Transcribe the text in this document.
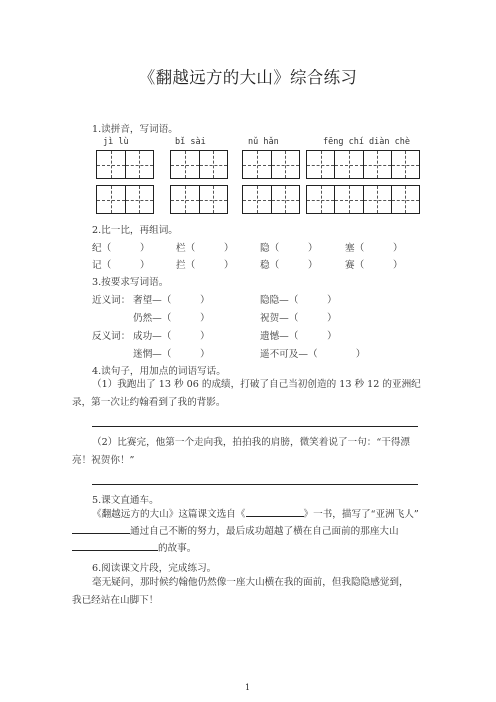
《翻越远方的大山》综合练习
1.读拼音，写词语。
jì lù	bǐ sài	nǔ hǎn	fēng chí diàn chè
2.比一比，再组词。
纪（　　　）	栏（　　　）	隐（　　　）	塞（　　　）
记（　　　）	拦（　　　）	稳（　　　）	赛（　　　）
3.按要求写词语。
近义词： 奢望—（　　　）	隐隐—（　　　）
仍然—（　　　）	祝贺—（　　　）
反义词： 成功—（　　　）	遗憾—（　　　）
迷惘—（　　　）	遥不可及—（　　　　）
4.读句子，用加点的词语写话。
（1）我跑出了 13 秒 06 的成绩，打破了自己当初创造的 13 秒 12 的亚洲纪
录，第一次让约翰看到了我的背影。
（2）比赛完，他第一个走向我，拍拍我的肩膀，微笑着说了一句：“干得漂
亮！祝贺你！”
5.课文直通车。
《翻越远方的大山》这篇课文选自《	》一书，描写了“亚洲飞人”
通过自己不断的努力，最后成功超越了横在自己面前的那座大山
的故事。
6.阅读课文片段，完成练习。
毫无疑问，那时候约翰他仍然像一座大山横在我的面前，但我隐隐感觉到，
我已经站在山脚下！
1
